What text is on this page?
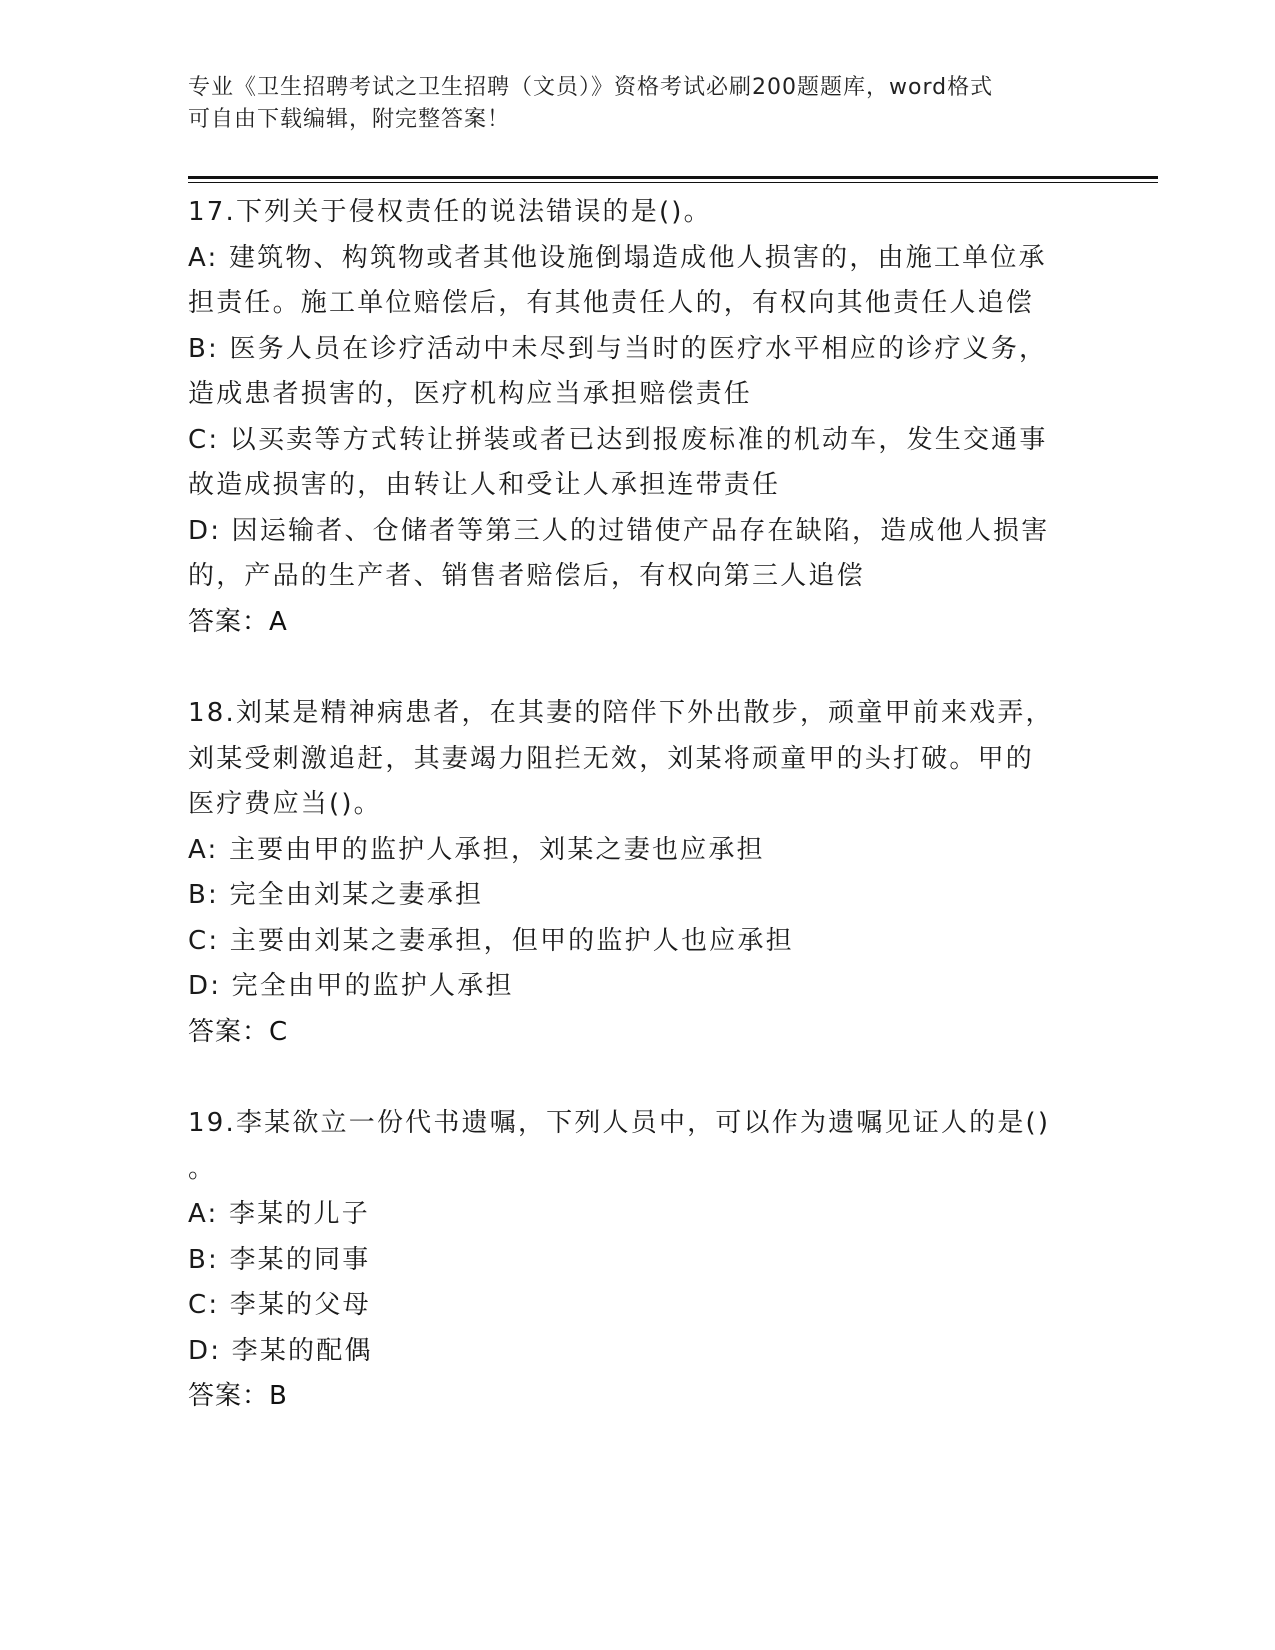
专业《卫生招聘考试之卫生招聘（文员）》资格考试必刷200题题库，word格式
可自由下载编辑，附完整答案！
17.下列关于侵权责任的说法错误的是()。
A: 建筑物、构筑物或者其他设施倒塌造成他人损害的，由施工单位承
担责任。施工单位赔偿后，有其他责任人的，有权向其他责任人追偿
B: 医务人员在诊疗活动中未尽到与当时的医疗水平相应的诊疗义务，
造成患者损害的，医疗机构应当承担赔偿责任
C: 以买卖等方式转让拼装或者已达到报废标准的机动车，发生交通事
故造成损害的，由转让人和受让人承担连带责任
D: 因运输者、仓储者等第三人的过错使产品存在缺陷，造成他人损害
的，产品的生产者、销售者赔偿后，有权向第三人追偿
答案：A
18.刘某是精神病患者，在其妻的陪伴下外出散步，顽童甲前来戏弄，
刘某受刺激追赶，其妻竭力阻拦无效，刘某将顽童甲的头打破。甲的
医疗费应当()。
A: 主要由甲的监护人承担，刘某之妻也应承担
B: 完全由刘某之妻承担
C: 主要由刘某之妻承担，但甲的监护人也应承担
D: 完全由甲的监护人承担
答案：C
19.李某欲立一份代书遗嘱，下列人员中，可以作为遗嘱见证人的是()
。
A: 李某的儿子
B: 李某的同事
C: 李某的父母
D: 李某的配偶
答案：B
